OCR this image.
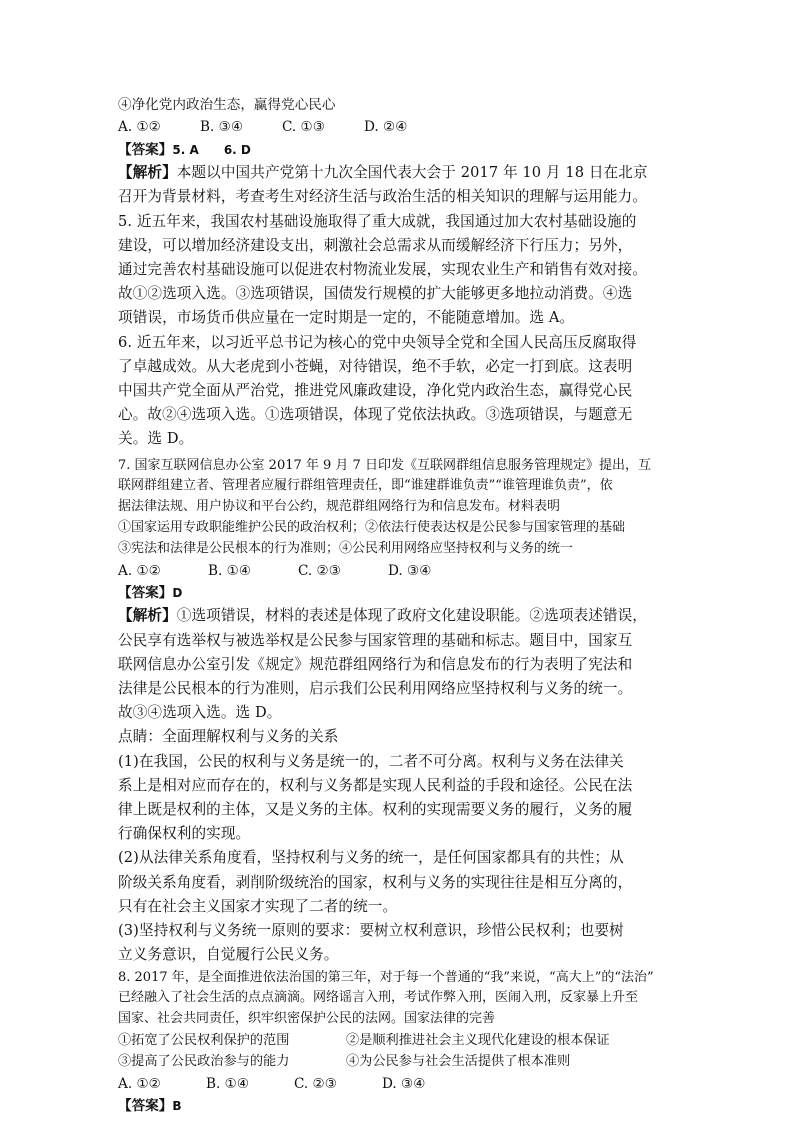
④净化党内政治生态，赢得党心民心
A. ①②	B. ③④	C. ①③	D. ②④
【答案】5. A      6. D
【解析】本题以中国共产党第十九次全国代表大会于 2017 年 10 月 18 日在北京
召开为背景材料，考查考生对经济生活与政治生活的相关知识的理解与运用能力。
5. 近五年来，我国农村基础设施取得了重大成就，我国通过加大农村基础设施的
建设，可以增加经济建设支出，刺激社会总需求从而缓解经济下行压力；另外，
通过完善农村基础设施可以促进农村物流业发展，实现农业生产和销售有效对接。
故①②选项入选。③选项错误，国债发行规模的扩大能够更多地拉动消费。④选
项错误，市场货币供应量在一定时期是一定的，不能随意增加。选 A。
6. 近五年来，以习近平总书记为核心的党中央领导全党和全国人民高压反腐取得
了卓越成效。从大老虎到小苍蝇，对待错误，绝不手软，必定一打到底。这表明
中国共产党全面从严治党，推进党风廉政建设，净化党内政治生态，赢得党心民
心。故②④选项入选。①选项错误，体现了党依法执政。③选项错误，与题意无
关。选 D。
7. 国家互联网信息办公室 2017 年 9 月 7 日印发《互联网群组信息服务管理规定》提出，互
联网群组建立者、管理者应履行群组管理责任，即“谁建群谁负责”“谁管理谁负责”，依
据法律法规、用户协议和平台公约，规范群组网络行为和信息发布。材料表明
①国家运用专政职能维护公民的政治权利；②依法行使表达权是公民参与国家管理的基础
③宪法和法律是公民根本的行为准则；④公民利用网络应坚持权利与义务的统一
A. ①②	B. ①④	C. ②③	D. ③④
【答案】D
【解析】①选项错误，材料的表述是体现了政府文化建设职能。②选项表述错误，
公民享有选举权与被选举权是公民参与国家管理的基础和标志。题目中，国家互
联网信息办公室引发《规定》规范群组网络行为和信息发布的行为表明了宪法和
法律是公民根本的行为准则，启示我们公民利用网络应坚持权利与义务的统一。
故③④选项入选。选 D。
点睛：全面理解权利与义务的关系
(1)在我国，公民的权利与义务是统一的，二者不可分离。权利与义务在法律关
系上是相对应而存在的，权利与义务都是实现人民利益的手段和途径。公民在法
律上既是权利的主体，又是义务的主体。权利的实现需要义务的履行，义务的履
行确保权利的实现。
(2)从法律关系角度看，坚持权利与义务的统一，是任何国家都具有的共性；从
阶级关系角度看，剥削阶级统治的国家，权利与义务的实现往往是相互分离的，
只有在社会主义国家才实现了二者的统一。
(3)坚持权利与义务统一原则的要求：要树立权利意识，珍惜公民权利；也要树
立义务意识，自觉履行公民义务。
8. 2017 年，是全面推进依法治国的第三年，对于每一个普通的“我”来说，“高大上”的“法治”
已经融入了社会生活的点点滴滴。网络谣言入刑，考试作弊入刑，医闹入刑，反家暴上升至
国家、社会共同责任，织牢织密保护公民的法网。国家法律的完善
①拓宽了公民权利保护的范围	②是顺利推进社会主义现代化建设的根本保证
③提高了公民政治参与的能力	④为公民参与社会生活提供了根本准则
A. ①②	B. ①④	C. ②③	D. ③④
【答案】B
